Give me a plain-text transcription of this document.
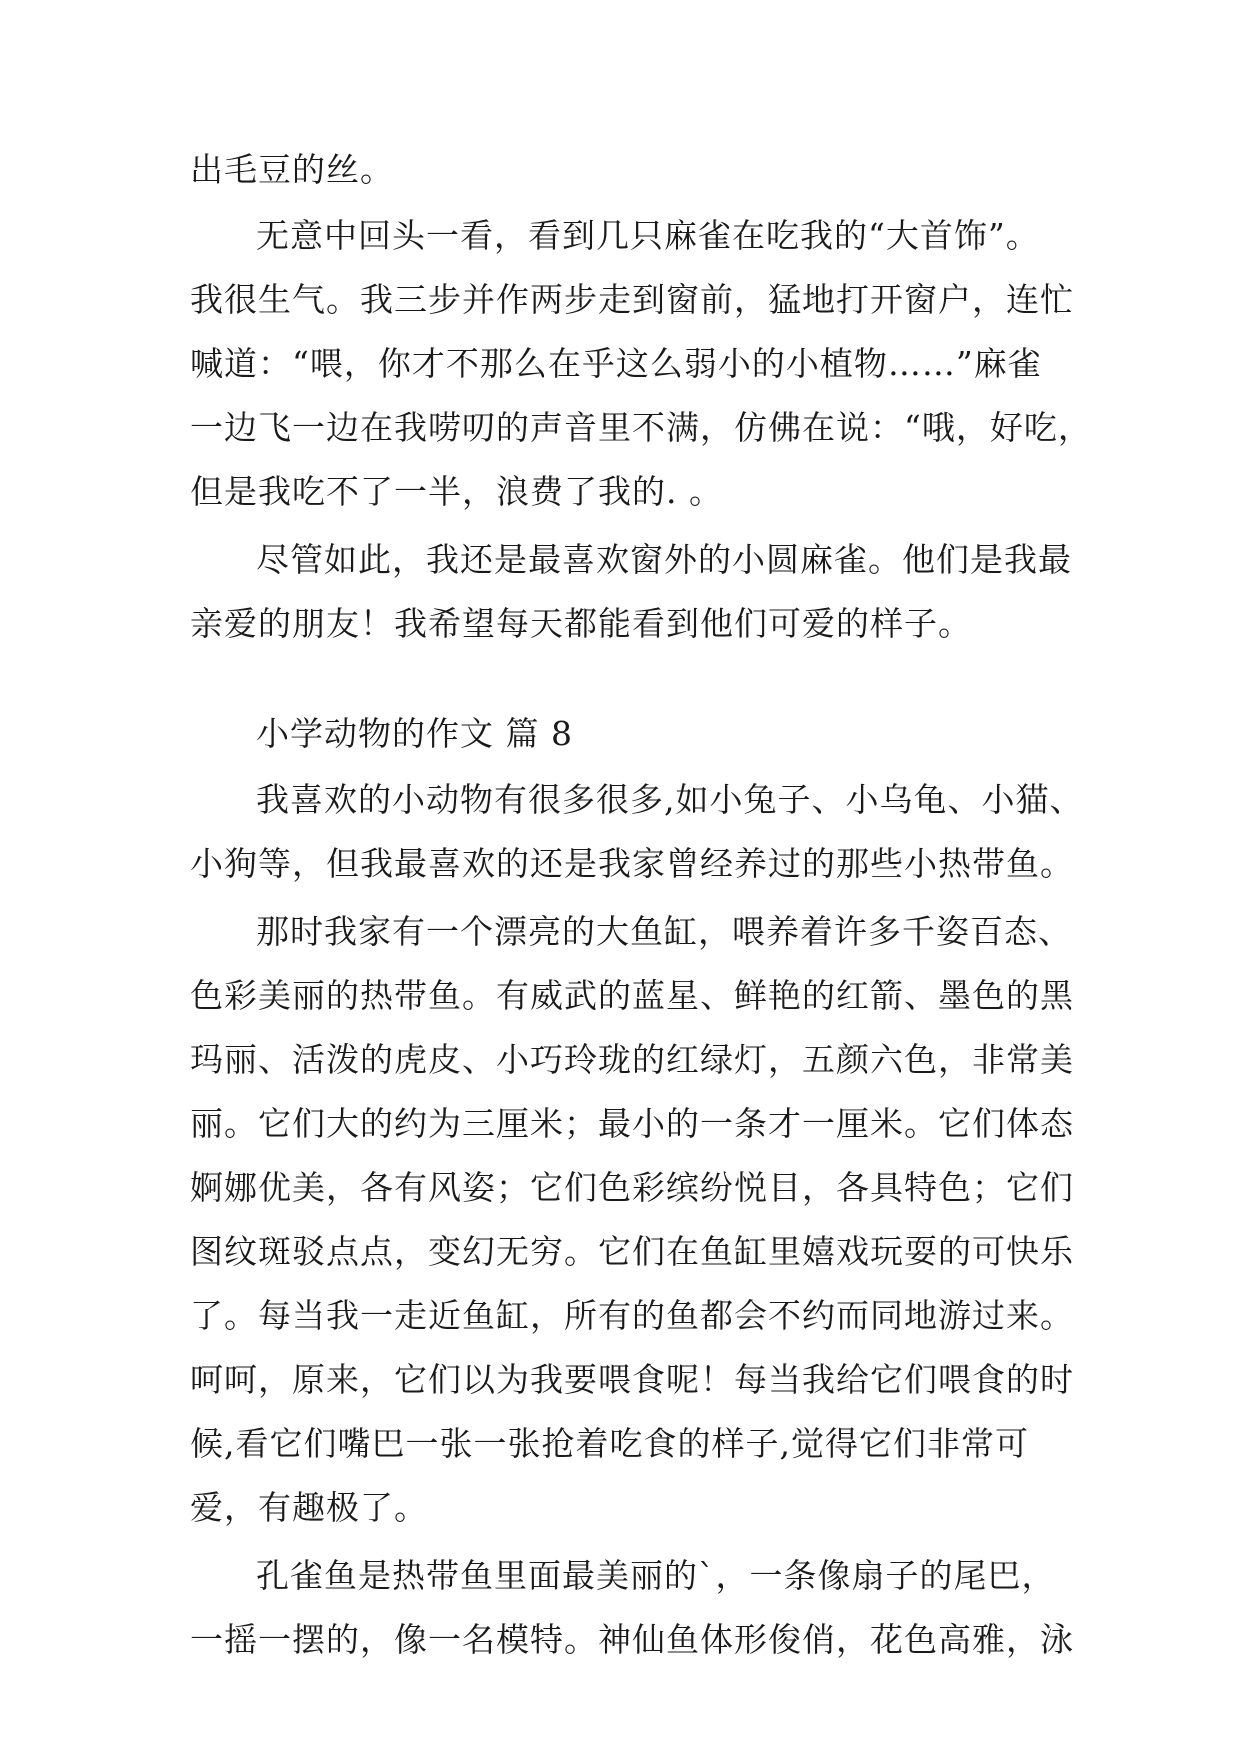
出毛豆的丝。
无意中回头一看，看到几只麻雀在吃我的“大首饰”。
我很生气。我三步并作两步走到窗前，猛地打开窗户，连忙
喊道：“喂，你才不那么在乎这么弱小的小植物……”麻雀
一边飞一边在我唠叨的声音里不满，仿佛在说：“哦，好吃，
但是我吃不了一半，浪费了我的. 。
尽管如此，我还是最喜欢窗外的小圆麻雀。他们是我最
亲爱的朋友！我希望每天都能看到他们可爱的样子。
小学动物的作文 篇 8
我喜欢的小动物有很多很多,如小兔子、小乌龟、小猫、
小狗等，但我最喜欢的还是我家曾经养过的那些小热带鱼。
那时我家有一个漂亮的大鱼缸，喂养着许多千姿百态、
色彩美丽的热带鱼。有威武的蓝星、鲜艳的红箭、墨色的黑
玛丽、活泼的虎皮、小巧玲珑的红绿灯，五颜六色，非常美
丽。它们大的约为三厘米；最小的一条才一厘米。它们体态
婀娜优美，各有风姿；它们色彩缤纷悦目，各具特色；它们
图纹斑驳点点，变幻无穷。它们在鱼缸里嬉戏玩耍的可快乐
了。每当我一走近鱼缸，所有的鱼都会不约而同地游过来。
呵呵，原来，它们以为我要喂食呢！每当我给它们喂食的时
候,看它们嘴巴一张一张抢着吃食的样子,觉得它们非常可
爱，有趣极了。
孔雀鱼是热带鱼里面最美丽的`，一条像扇子的尾巴，
一摇一摆的，像一名模特。神仙鱼体形俊俏，花色高雅，泳
